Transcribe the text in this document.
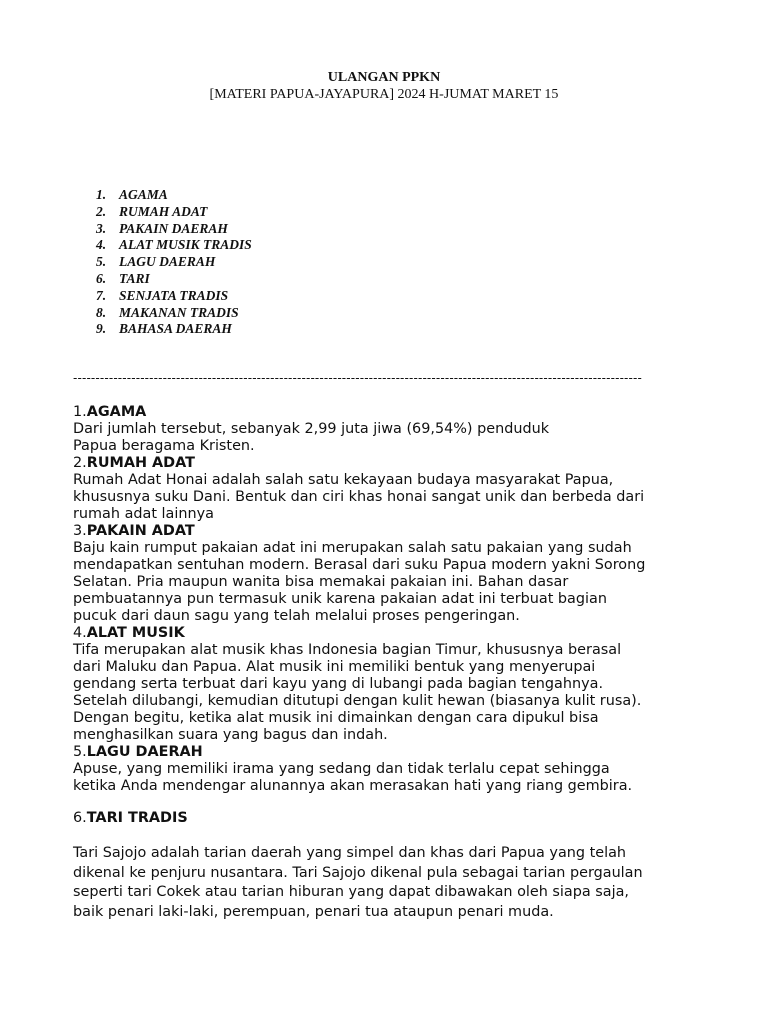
ULANGAN PPKN
[MATERI PAPUA-JAYAPURA] 2024 H-JUMAT MARET 15
1. AGAMA
2. RUMAH ADAT
3. PAKAIN DAERAH
4. ALAT MUSIK TRADIS
5. LAGU DAERAH
6. TARI
7. SENJATA TRADIS
8. MAKANAN TRADIS
9. BAHASA DAERAH
-------------------------------------------------------------------------------------------------------------------------------
1.AGAMA
Dari jumlah tersebut, sebanyak 2,99 juta jiwa (69,54%) penduduk
Papua beragama Kristen.
2.RUMAH ADAT
Rumah Adat Honai adalah salah satu kekayaan budaya masyarakat Papua,
khususnya suku Dani. Bentuk dan ciri khas honai sangat unik dan berbeda dari
rumah adat lainnya
3.PAKAIN ADAT
Baju kain rumput pakaian adat ini merupakan salah satu pakaian yang sudah
mendapatkan sentuhan modern. Berasal dari suku Papua modern yakni Sorong
Selatan. Pria maupun wanita bisa memakai pakaian ini. Bahan dasar
pembuatannya pun termasuk unik karena pakaian adat ini terbuat bagian
pucuk dari daun sagu yang telah melalui proses pengeringan.
4.ALAT MUSIK
Tifa merupakan alat musik khas Indonesia bagian Timur, khususnya berasal
dari Maluku dan Papua. Alat musik ini memiliki bentuk yang menyerupai
gendang serta terbuat dari kayu yang di lubangi pada bagian tengahnya.
Setelah dilubangi, kemudian ditutupi dengan kulit hewan (biasanya kulit rusa).
Dengan begitu, ketika alat musik ini dimainkan dengan cara dipukul bisa
menghasilkan suara yang bagus dan indah.
5.LAGU DAERAH
Apuse, yang memiliki irama yang sedang dan tidak terlalu cepat sehingga
ketika Anda mendengar alunannya akan merasakan hati yang riang gembira.
6.TARI TRADIS

Tari Sajojo adalah tarian daerah yang simpel dan khas dari Papua yang telah
dikenal ke penjuru nusantara. Tari Sajojo dikenal pula sebagai tarian pergaulan
seperti tari Cokek atau tarian hiburan yang dapat dibawakan oleh siapa saja,
baik penari laki-laki, perempuan, penari tua ataupun penari muda.
